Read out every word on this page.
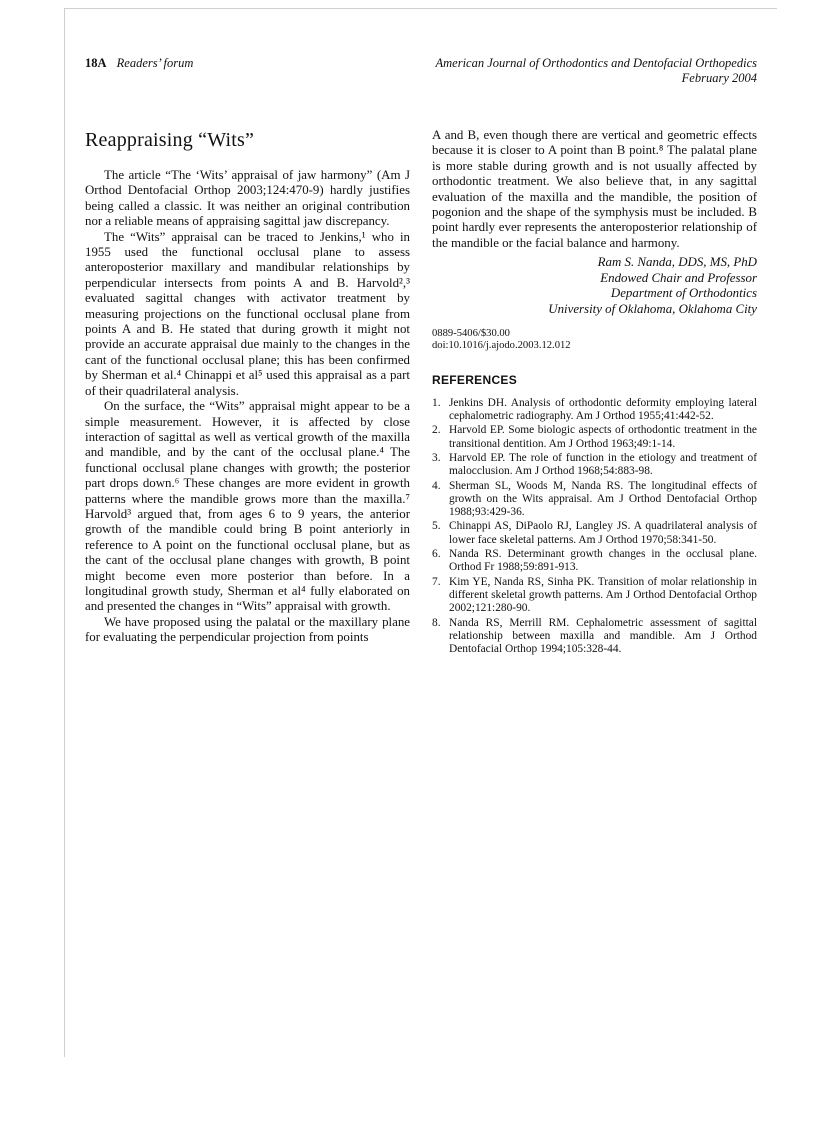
18A Readers’ forum	American Journal of Orthodontics and Dentofacial Orthopedics
February 2004
Reappraising “Wits”

The article “The ‘Wits’ appraisal of jaw harmony” (Am J Orthod Dentofacial Orthop 2003;124:470-9) hardly justifies being called a classic. It was neither an original contribution nor a reliable means of appraising sagittal jaw discrepancy.

The “Wits” appraisal can be traced to Jenkins,¹ who in 1955 used the functional occlusal plane to assess anteroposterior maxillary and mandibular relationships by perpendicular intersects from points A and B. Harvold²,³ evaluated sagittal changes with activator treatment by measuring projections on the functional occlusal plane from points A and B. He stated that during growth it might not provide an accurate appraisal due mainly to the changes in the cant of the functional occlusal plane; this has been confirmed by Sherman et al.⁴ Chinappi et al⁵ used this appraisal as a part of their quadrilateral analysis.

On the surface, the “Wits” appraisal might appear to be a simple measurement. However, it is affected by close interaction of sagittal as well as vertical growth of the maxilla and mandible, and by the cant of the occlusal plane.⁴ The functional occlusal plane changes with growth; the posterior part drops down.⁶ These changes are more evident in growth patterns where the mandible grows more than the maxilla.⁷ Harvold³ argued that, from ages 6 to 9 years, the anterior growth of the mandible could bring B point anteriorly in reference to A point on the functional occlusal plane, but as the cant of the occlusal plane changes with growth, B point might become even more posterior than before. In a longitudinal growth study, Sherman et al⁴ fully elaborated on and presented the changes in “Wits” appraisal with growth.

We have proposed using the palatal or the maxillary plane for evaluating the perpendicular projection from points

A and B, even though there are vertical and geometric effects because it is closer to A point than B point.⁸ The palatal plane is more stable during growth and is not usually affected by orthodontic treatment. We also believe that, in any sagittal evaluation of the maxilla and the mandible, the position of pogonion and the shape of the symphysis must be included. B point hardly ever represents the anteroposterior relationship of the mandible or the facial balance and harmony.

Ram S. Nanda, DDS, MS, PhD
Endowed Chair and Professor
Department of Orthodontics
University of Oklahoma, Oklahoma City
0889-5406/$30.00
doi:10.1016/j.ajodo.2003.12.012
REFERENCES
Jenkins DH. Analysis of orthodontic deformity employing lateral cephalometric radiography. Am J Orthod 1955;41:442-52.
Harvold EP. Some biologic aspects of orthodontic treatment in the transitional dentition. Am J Orthod 1963;49:1-14.
Harvold EP. The role of function in the etiology and treatment of malocclusion. Am J Orthod 1968;54:883-98.
Sherman SL, Woods M, Nanda RS. The longitudinal effects of growth on the Wits appraisal. Am J Orthod Dentofacial Orthop 1988;93:429-36.
Chinappi AS, DiPaolo RJ, Langley JS. A quadrilateral analysis of lower face skeletal patterns. Am J Orthod 1970;58:341-50.
Nanda RS. Determinant growth changes in the occlusal plane. Orthod Fr 1988;59:891-913.
Kim YE, Nanda RS, Sinha PK. Transition of molar relationship in different skeletal growth patterns. Am J Orthod Dentofacial Orthop 2002;121:280-90.
Nanda RS, Merrill RM. Cephalometric assessment of sagittal relationship between maxilla and mandible. Am J Orthod Dentofacial Orthop 1994;105:328-44.
